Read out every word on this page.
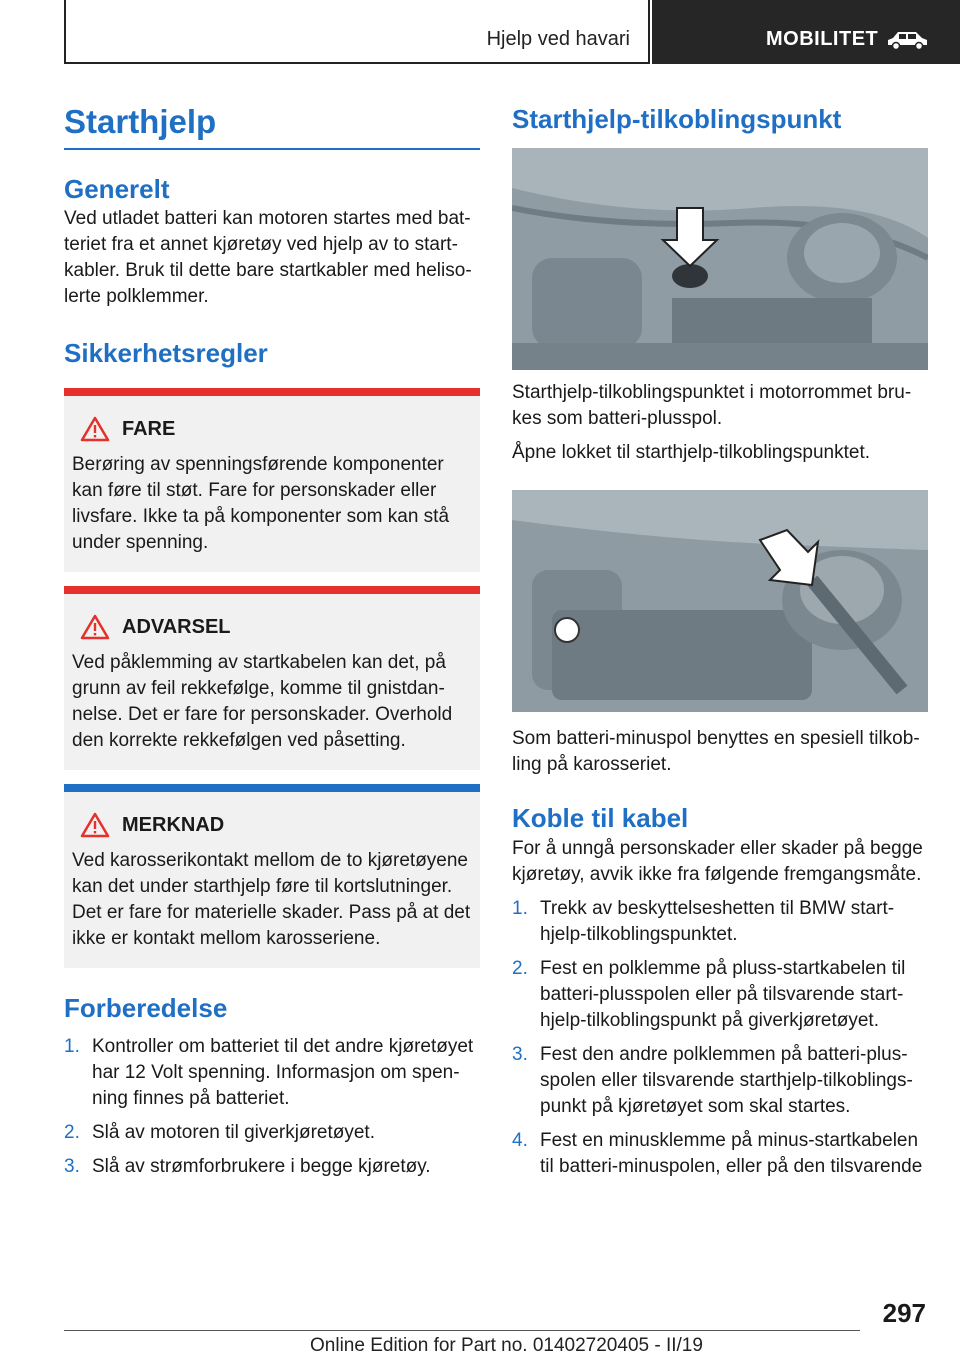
Hjelp ved havari	MOBILITET
Starthjelp
Generelt

Ved utladet batteri kan motoren startes med batteriet fra et annet kjøretøy ved hjelp av to startkabler. Bruk til dette bare startkabler med helisolerte polklemmer.

Sikkerhetsregler
FARE

Berøring av spenningsførende komponenter kan føre til støt. Fare for personskader eller livsfare. Ikke ta på komponenter som kan stå under spenning.

ADVARSEL

Ved påklemming av startkabelen kan det, på grunn av feil rekkefølge, komme til gnistdannelse. Det er fare for personskader. Overhold den korrekte rekkefølgen ved påsetting.

MERKNAD

Ved karosserikontakt mellom de to kjøretøyene kan det under starthjelp føre til kortslutninger. Det er fare for materielle skader. Pass på at det ikke er kontakt mellom karosseriene.

Forberedelse
1. Kontroller om batteriet til det andre kjøretøyet har 12 Volt spenning. Informasjon om spenning finnes på batteriet.
2. Slå av motoren til giverkjøretøyet.
3. Slå av strømforbrukere i begge kjøretøy.
Starthjelp-tilkoblingspunkt

Starthjelp-tilkoblingspunktet i motorrommet brukes som batteri-plusspol.

Åpne lokket til starthjelp-tilkoblingspunktet.

Som batteri-minuspol benyttes en spesiell tilkobling på karosseriet.

Koble til kabel

For å unngå personskader eller skader på begge kjøretøy, avvik ikke fra følgende fremgangsmåte.

1. Trekk av beskyttelseshetten til BMW starthjelp-tilkoblingspunktet.
2. Fest en polklemme på pluss-startkabelen til batteri-plusspolen eller på tilsvarende starthjelp-tilkoblingspunkt på giverkjøretøyet.
3. Fest den andre polklemmen på batteri-plusspolen eller tilsvarende starthjelp-tilkoblingspunkt på kjøretøyet som skal startes.
4. Fest en minusklemme på minus-startkabelen til batteri-minuspolen, eller på den tilsvarende
297
Online Edition for Part no. 01402720405 - II/19
